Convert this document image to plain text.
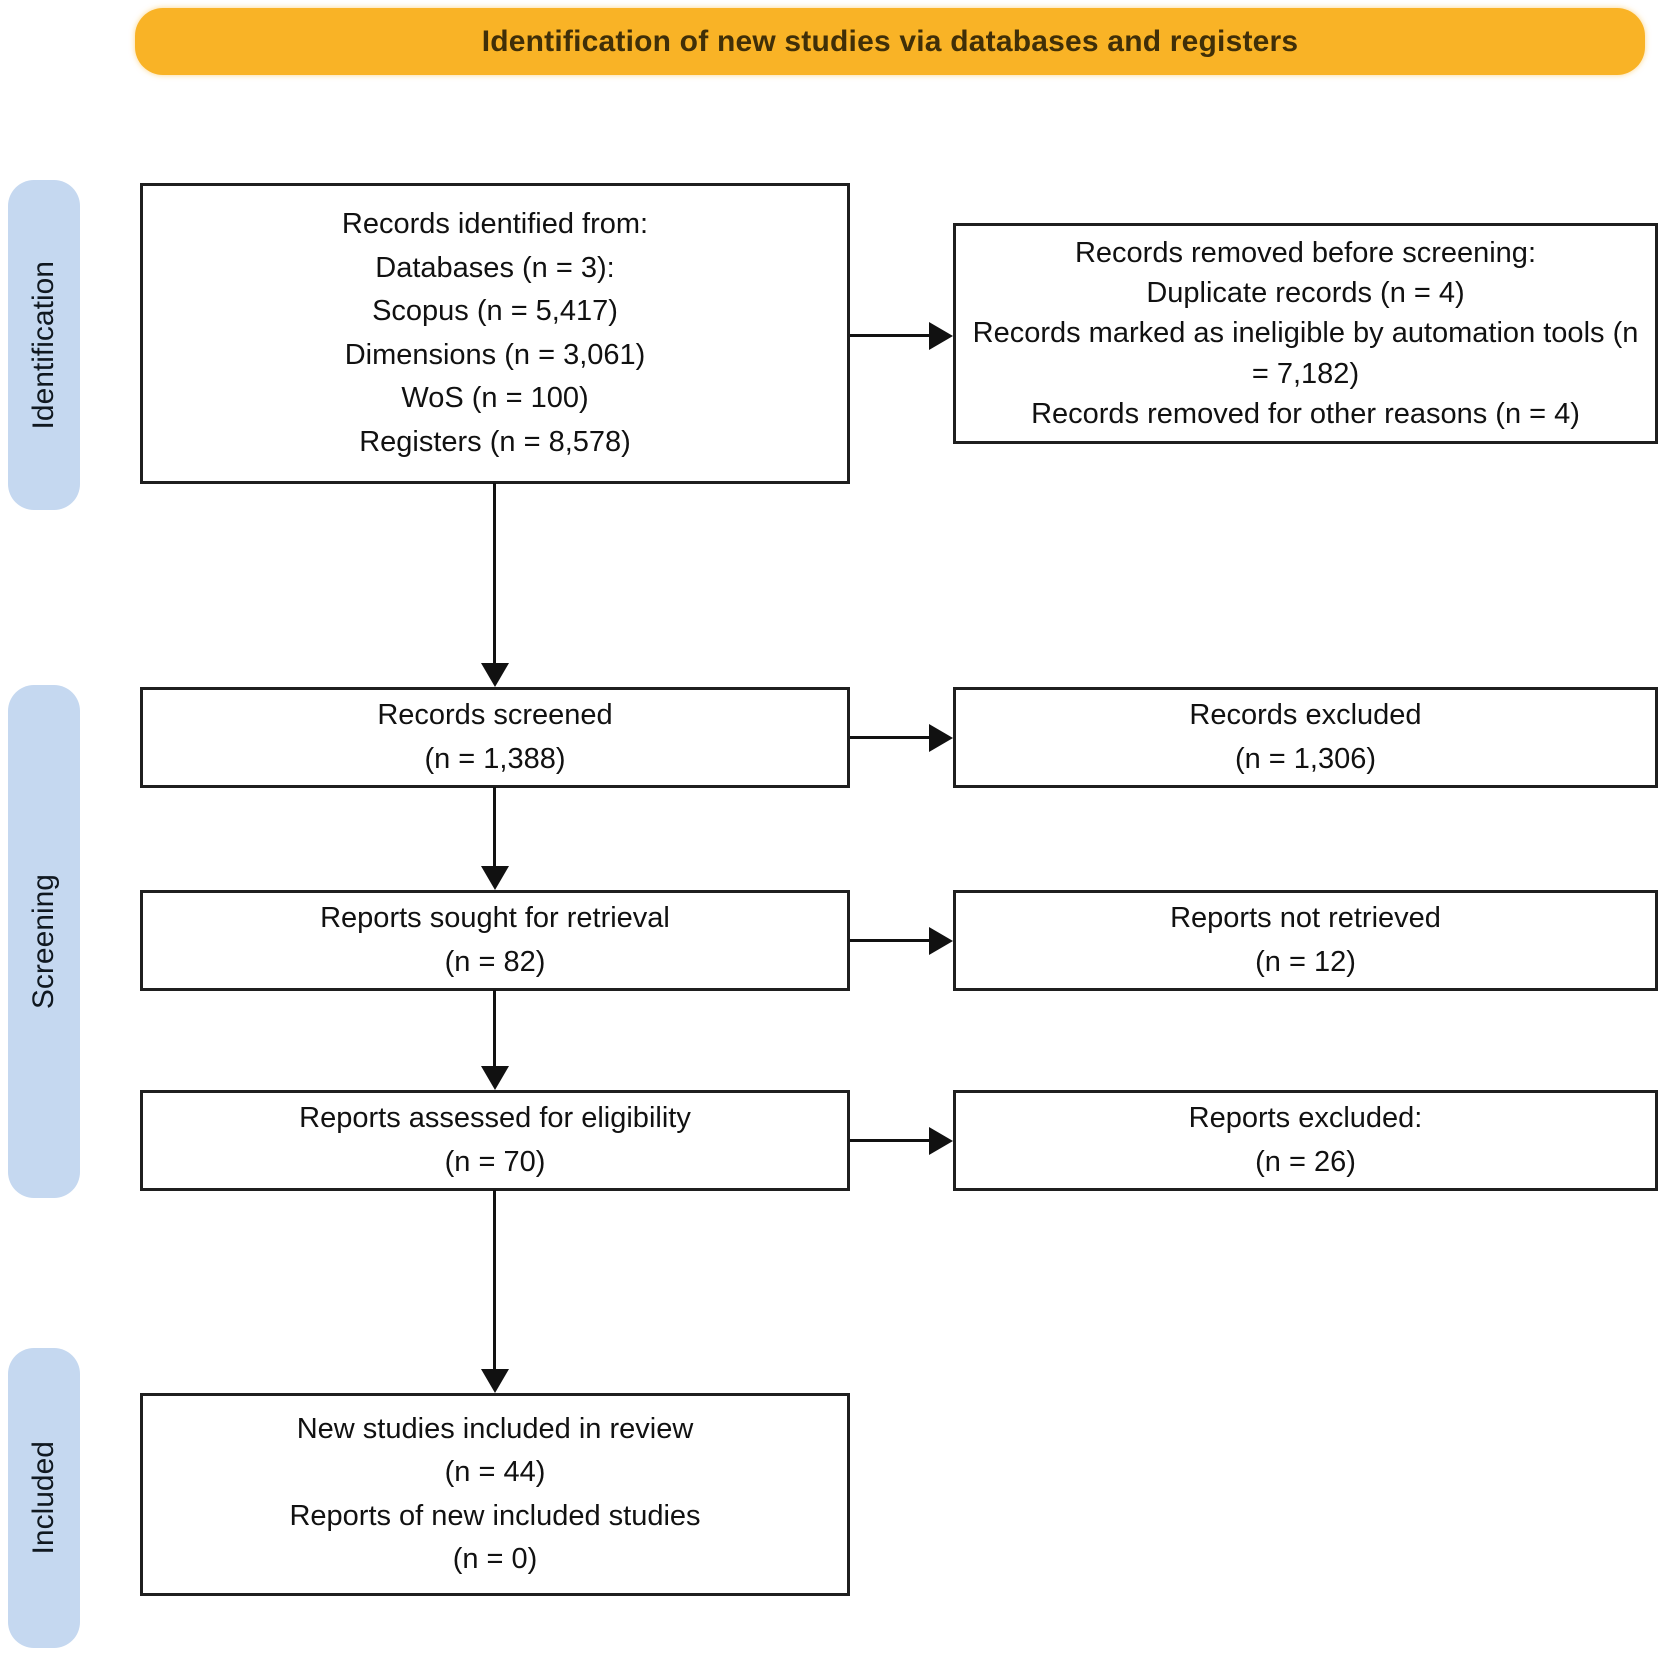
Identification of new studies via databases and registers
Identification
Screening
Included
Records identified from:
Databases (n = 3):
Scopus (n = 5,417)
Dimensions (n = 3,061)
WoS (n = 100)
Registers (n = 8,578)
Records removed before screening:
Duplicate records (n = 4)
Records marked as ineligible by automation tools (n = 7,182)
Records removed for other reasons (n = 4)
Records screened
(n = 1,388)
Records excluded
(n = 1,306)
Reports sought for retrieval
(n = 82)
Reports not retrieved
(n = 12)
Reports assessed for eligibility
(n = 70)
Reports excluded:
(n = 26)
New studies included in review
(n = 44)
Reports of new included studies
(n = 0)
